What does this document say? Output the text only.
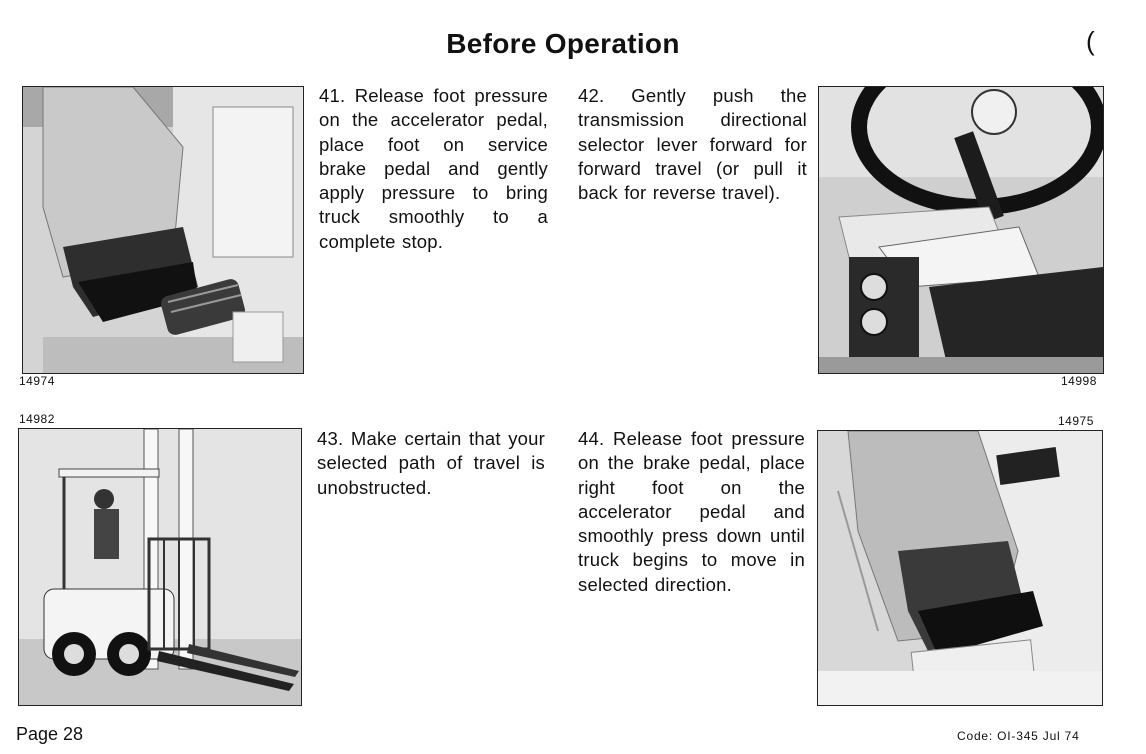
Before Operation	(
14974
41. Release foot pressure on the accelerator pedal, place foot on service brake pedal and gently apply pressure to bring truck smoothly to a complete stop.
42. Gently push the transmission directional selector lever forward for forward travel (or pull it back for reverse travel).
14998
14982
43. Make certain that your selected path of travel is unobstructed.
44. Release foot pressure on the brake pedal, place right foot on the accelerator pedal and smoothly press down until truck begins to move in selected direction.
14975
Page 28	Code: OI-345 Jul 74
